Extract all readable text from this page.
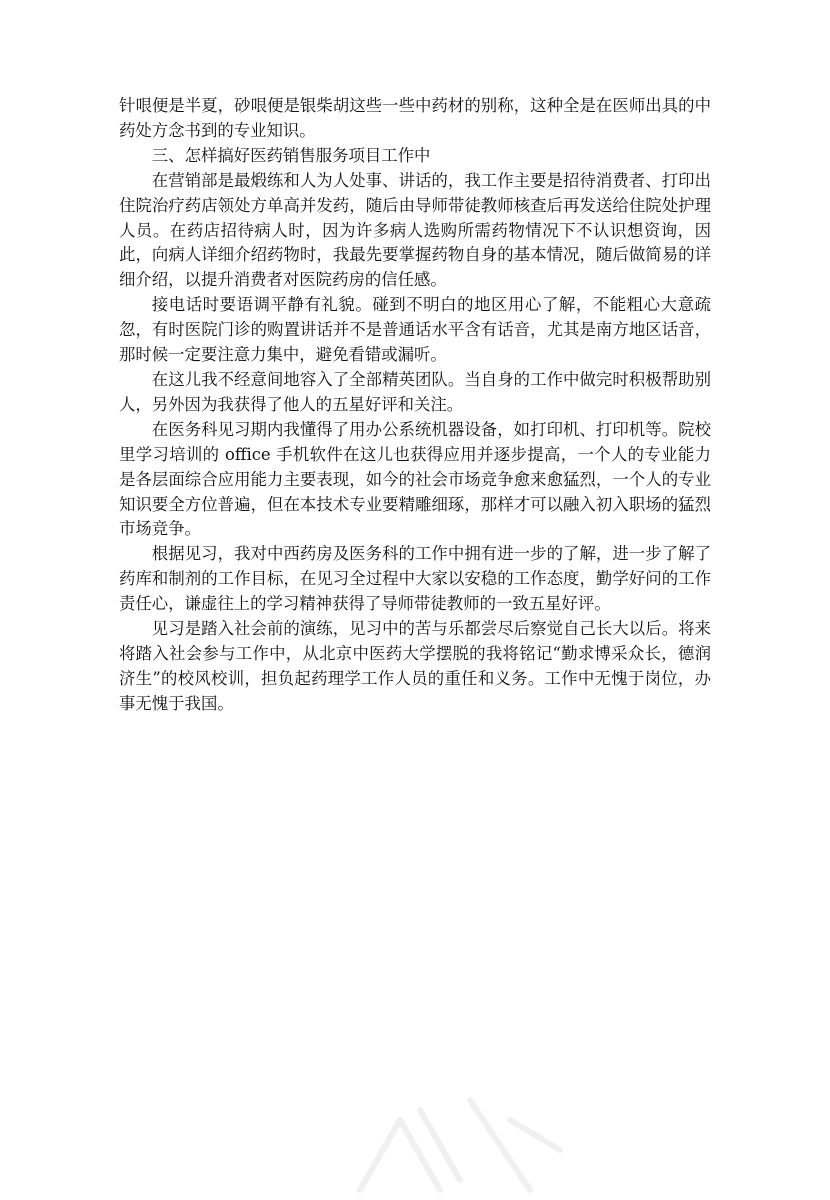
针哏便是半夏，砂哏便是银柴胡这些一些中药材的别称，这种全是在医师出具的中药处方念书到的专业知识。

三、怎样搞好医药销售服务项目工作中

在营销部是最煅练和人为人处事、讲话的，我工作主要是招待消费者、打印出住院治疗药店领处方单高并发药，随后由导师带徒教师核查后再发送给住院处护理人员。在药店招待病人时，因为许多病人选购所需药物情况下不认识想资询，因此，向病人详细介绍药物时，我最先要掌握药物自身的基本情况，随后做简易的详细介绍，以提升消费者对医院药房的信任感。

接电话时要语调平静有礼貌。碰到不明白的地区用心了解，不能粗心大意疏忽，有时医院门诊的购置讲话并不是普通话水平含有话音，尤其是南方地区话音，那时候一定要注意力集中，避免看错或漏听。

在这儿我不经意间地容入了全部精英团队。当自身的工作中做完时积极帮助别人，另外因为我获得了他人的五星好评和关注。

在医务科见习期内我懂得了用办公系统机器设备，如打印机、打印机等。院校里学习培训的 office 手机软件在这儿也获得应用并逐步提高，一个人的专业能力是各层面综合应用能力主要表现，如今的社会市场竞争愈来愈猛烈，一个人的专业知识要全方位普遍，但在本技术专业要精雕细琢，那样才可以融入初入职场的猛烈市场竞争。

根据见习，我对中西药房及医务科的工作中拥有进一步的了解，进一步了解了药库和制剂的工作目标，在见习全过程中大家以安稳的工作态度，勤学好问的工作责任心，谦虚往上的学习精神获得了导师带徒教师的一致五星好评。

见习是踏入社会前的演练，见习中的苦与乐都尝尽后察觉自己长大以后。将来将踏入社会参与工作中，从北京中医药大学摆脱的我将铭记“勤求博采众长，德润济生”的校风校训，担负起药理学工作人员的重任和义务。工作中无愧于岗位，办事无愧于我国。
